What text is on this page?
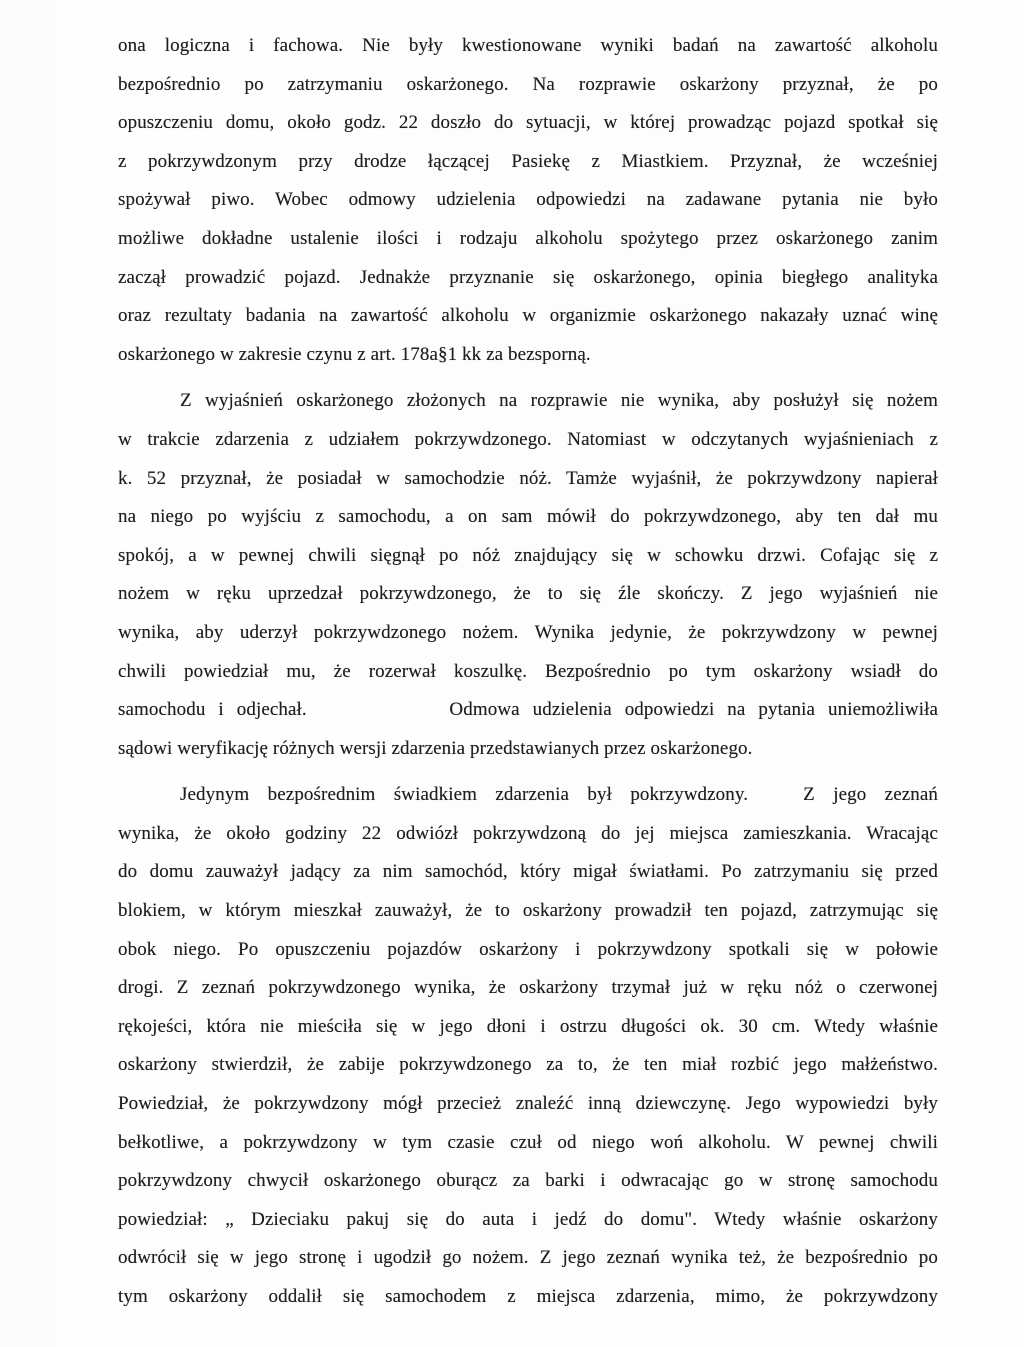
ona logiczna i fachowa. Nie były kwestionowane wyniki badań na zawartość alkoholu
bezpośrednio po zatrzymaniu oskarżonego. Na rozprawie oskarżony przyznał, że po
opuszczeniu domu, około godz. 22 doszło do sytuacji, w której prowadząc pojazd spotkał się
z pokrzywdzonym przy drodze łączącej Pasiekę z Miastkiem. Przyznał, że wcześniej
spożywał piwo. Wobec odmowy udzielenia odpowiedzi na zadawane pytania nie było
możliwe dokładne ustalenie ilości i rodzaju alkoholu spożytego przez oskarżonego zanim
zaczął prowadzić pojazd. Jednakże przyznanie się oskarżonego, opinia biegłego analityka
oraz rezultaty badania na zawartość alkoholu w organizmie oskarżonego nakazały uznać winę
oskarżonego w zakresie czynu z art. 178a§1 kk za bezsporną.
Z wyjaśnień oskarżonego złożonych na rozprawie nie wynika, aby posłużył się nożem
w trakcie zdarzenia z udziałem pokrzywdzonego. Natomiast w odczytanych wyjaśnieniach z
k. 52 przyznał, że posiadał w samochodzie nóż. Tamże wyjaśnił, że pokrzywdzony napierał
na niego po wyjściu z samochodu, a on sam mówił do pokrzywdzonego, aby ten dał mu
spokój, a w pewnej chwili sięgnął po nóż znajdujący się w schowku drzwi. Cofając się z
nożem w ręku uprzedzał pokrzywdzonego, że to się źle skończy. Z jego wyjaśnień nie
wynika, aby uderzył pokrzywdzonego nożem. Wynika jedynie, że pokrzywdzony w pewnej
chwili powiedział mu, że rozerwał koszulkę. Bezpośrednio po tym oskarżony wsiadł do
samochodu i odjechał.           Odmowa udzielenia odpowiedzi na pytania uniemożliwiła
sądowi weryfikację różnych wersji zdarzenia przedstawianych przez oskarżonego.
Jedynym bezpośrednim świadkiem zdarzenia był pokrzywdzony.   Z jego zeznań
wynika, że około godziny 22 odwiózł pokrzywdzoną do jej miejsca zamieszkania. Wracając
do domu zauważył jadący za nim samochód, który migał światłami. Po zatrzymaniu się przed
blokiem, w którym mieszkał zauważył, że to oskarżony prowadził ten pojazd, zatrzymując się
obok niego. Po opuszczeniu pojazdów oskarżony i pokrzywdzony spotkali się w połowie
drogi. Z zeznań pokrzywdzonego wynika, że oskarżony trzymał już w ręku nóż o czerwonej
rękojeści, która nie mieściła się w jego dłoni i ostrzu długości ok. 30 cm. Wtedy właśnie
oskarżony stwierdził, że zabije pokrzywdzonego za to, że ten miał rozbić jego małżeństwo.
Powiedział, że pokrzywdzony mógł przecież znaleźć inną dziewczynę. Jego wypowiedzi były
bełkotliwe, a pokrzywdzony w tym czasie czuł od niego woń alkoholu. W pewnej chwili
pokrzywdzony chwycił oskarżonego oburącz za barki i odwracając go w stronę samochodu
powiedział: „ Dzieciaku pakuj się do auta i jedź do domu". Wtedy właśnie oskarżony
odwrócił się w jego stronę i ugodził go nożem. Z jego zeznań wynika też, że bezpośrednio po
tym oskarżony oddalił się samochodem z miejsca zdarzenia, mimo, że pokrzywdzony
